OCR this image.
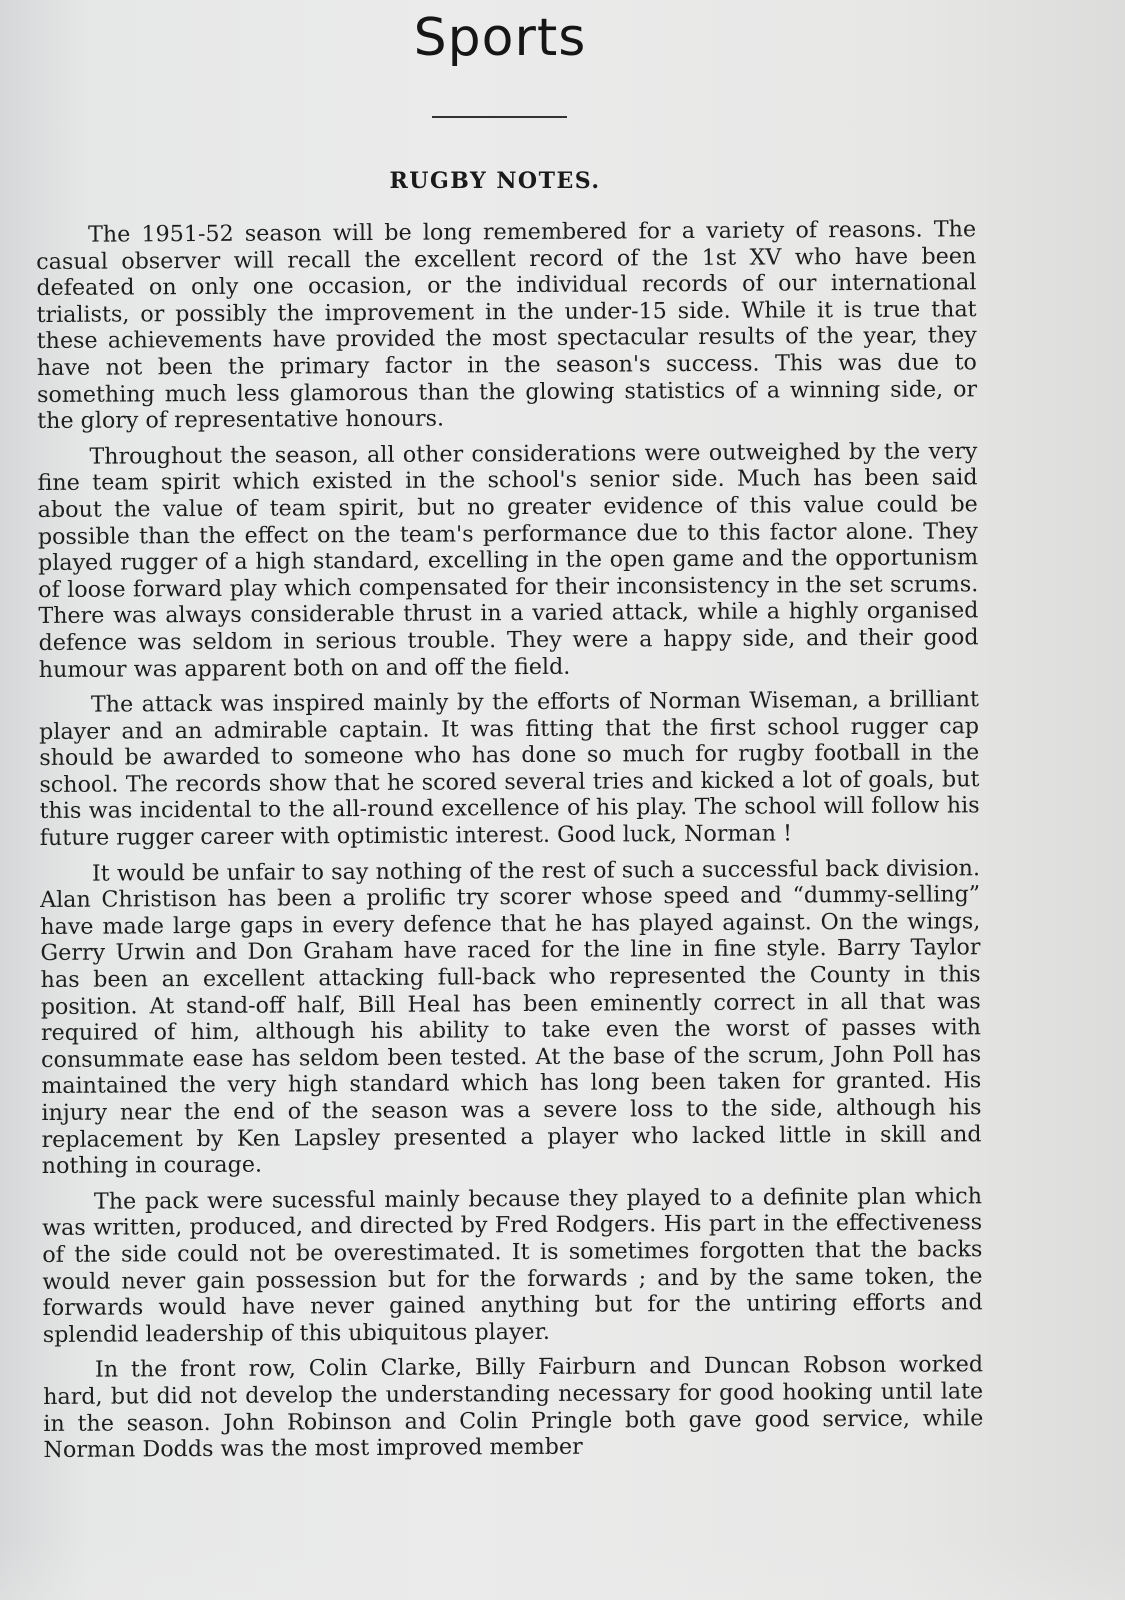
Sports
RUGBY NOTES.

The 1951-52 season will be long remembered for a variety of reasons. The casual observer will recall the excellent record of the 1st XV who have been defeated on only one occasion, or the individual records of our international trialists, or possibly the improvement in the under-15 side. While it is true that these achievements have provided the most spectacular results of the year, they have not been the primary factor in the season's success. This was due to something much less glamorous than the glowing statistics of a winning side, or the glory of representative honours.

Throughout the season, all other considerations were outweighed by the very fine team spirit which existed in the school's senior side. Much has been said about the value of team spirit, but no greater evidence of this value could be possible than the effect on the team's performance due to this factor alone. They played rugger of a high standard, excelling in the open game and the opportunism of loose forward play which compensated for their inconsistency in the set scrums. There was always considerable thrust in a varied attack, while a highly organised defence was seldom in serious trouble. They were a happy side, and their good humour was apparent both on and off the field.

The attack was inspired mainly by the efforts of Norman Wiseman, a brilliant player and an admirable captain. It was fitting that the first school rugger cap should be awarded to someone who has done so much for rugby football in the school. The records show that he scored several tries and kicked a lot of goals, but this was incidental to the all-round excellence of his play. The school will follow his future rugger career with optimistic interest. Good luck, Norman !

It would be unfair to say nothing of the rest of such a successful back division. Alan Christison has been a prolific try scorer whose speed and “dummy-selling” have made large gaps in every defence that he has played against. On the wings, Gerry Urwin and Don Graham have raced for the line in fine style. Barry Taylor has been an excellent attacking full-back who represented the County in this position. At stand-off half, Bill Heal has been eminently correct in all that was required of him, although his ability to take even the worst of passes with consummate ease has seldom been tested. At the base of the scrum, John Poll has maintained the very high standard which has long been taken for granted. His injury near the end of the season was a severe loss to the side, although his replacement by Ken Lapsley presented a player who lacked little in skill and nothing in courage.

The pack were sucessful mainly because they played to a definite plan which was written, produced, and directed by Fred Rodgers. His part in the effectiveness of the side could not be overestimated. It is sometimes forgotten that the backs would never gain possession but for the forwards ; and by the same token, the forwards would have never gained anything but for the untiring efforts and splendid leadership of this ubiquitous player.

In the front row, Colin Clarke, Billy Fairburn and Duncan Robson worked hard, but did not develop the understanding necessary for good hooking until late in the season. John Robinson and Colin Pringle both gave good service, while Norman Dodds was the most improved member
